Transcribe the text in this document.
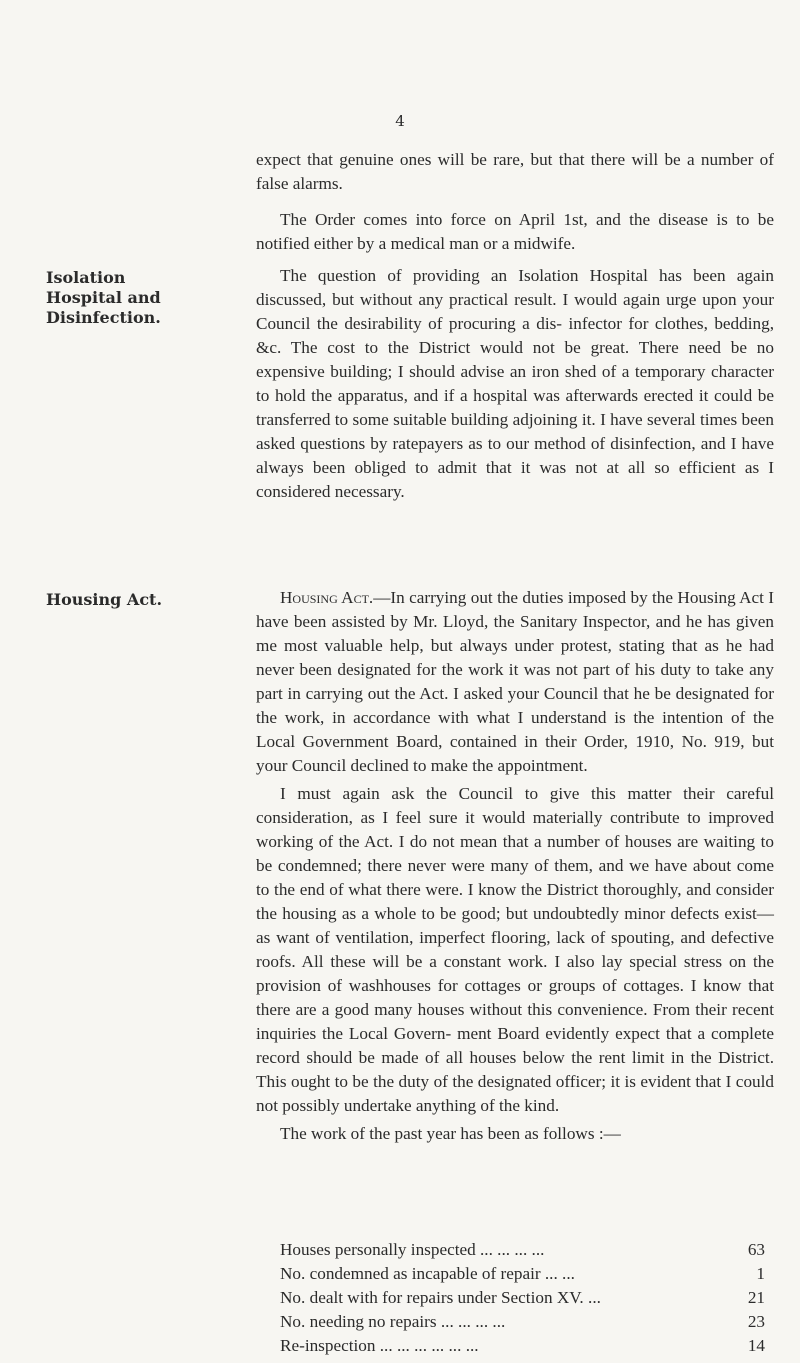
4

expect that genuine ones will be rare, but that there will be a number of false alarms.

The Order comes into force on April 1st, and the disease is to be notified either by a medical man or a midwife.

Isolation
Hospital and
Disinfection.

The question of providing an Isolation Hospital has been again discussed, but without any practical result. I would again urge upon your Council the desirability of procuring a dis- infector for clothes, bedding, &c. The cost to the District would not be great. There need be no expensive building; I should advise an iron shed of a temporary character to hold the apparatus, and if a hospital was afterwards erected it could be transferred to some suitable building adjoining it. I have several times been asked questions by ratepayers as to our method of disinfection, and I have always been obliged to admit that it was not at all so efficient as I considered necessary.

Housing Act.	Housing Act.—In carrying out the duties imposed by the Housing Act I have been assisted by Mr. Lloyd, the Sanitary Inspector, and he has given me most valuable help, but always under protest, stating that as he had never been designated for the work it was not part of his duty to take any part in carrying out the Act. I asked your Council that he be designated for the work, in accordance with what I understand is the intention of the Local Government Board, contained in their Order, 1910, No. 919, but your Council declined to make the appointment.

I must again ask the Council to give this matter their careful consideration, as I feel sure it would materially contribute to improved working of the Act. I do not mean that a number of houses are waiting to be condemned; there never were many of them, and we have about come to the end of what there were. I know the District thoroughly, and consider the housing as a whole to be good; but undoubtedly minor defects exist—as want of ventilation, imperfect flooring, lack of spouting, and defective roofs. All these will be a constant work. I also lay special stress on the provision of washhouses for cottages or groups of cottages. I know that there are a good many houses without this convenience. From their recent inquiries the Local Govern- ment Board evidently expect that a complete record should be made of all houses below the rent limit in the District. This ought to be the duty of the designated officer; it is evident that I could not possibly undertake anything of the kind.

The work of the past year has been as follows :—

Houses personally inspected ... ... ... ...	63
No. condemned as incapable of repair ... ...	1
No. dealt with for repairs under Section XV. ...	21
No. needing no repairs ... ... ... ...	23
Re-inspection ... ... ... ... ... ...	14
